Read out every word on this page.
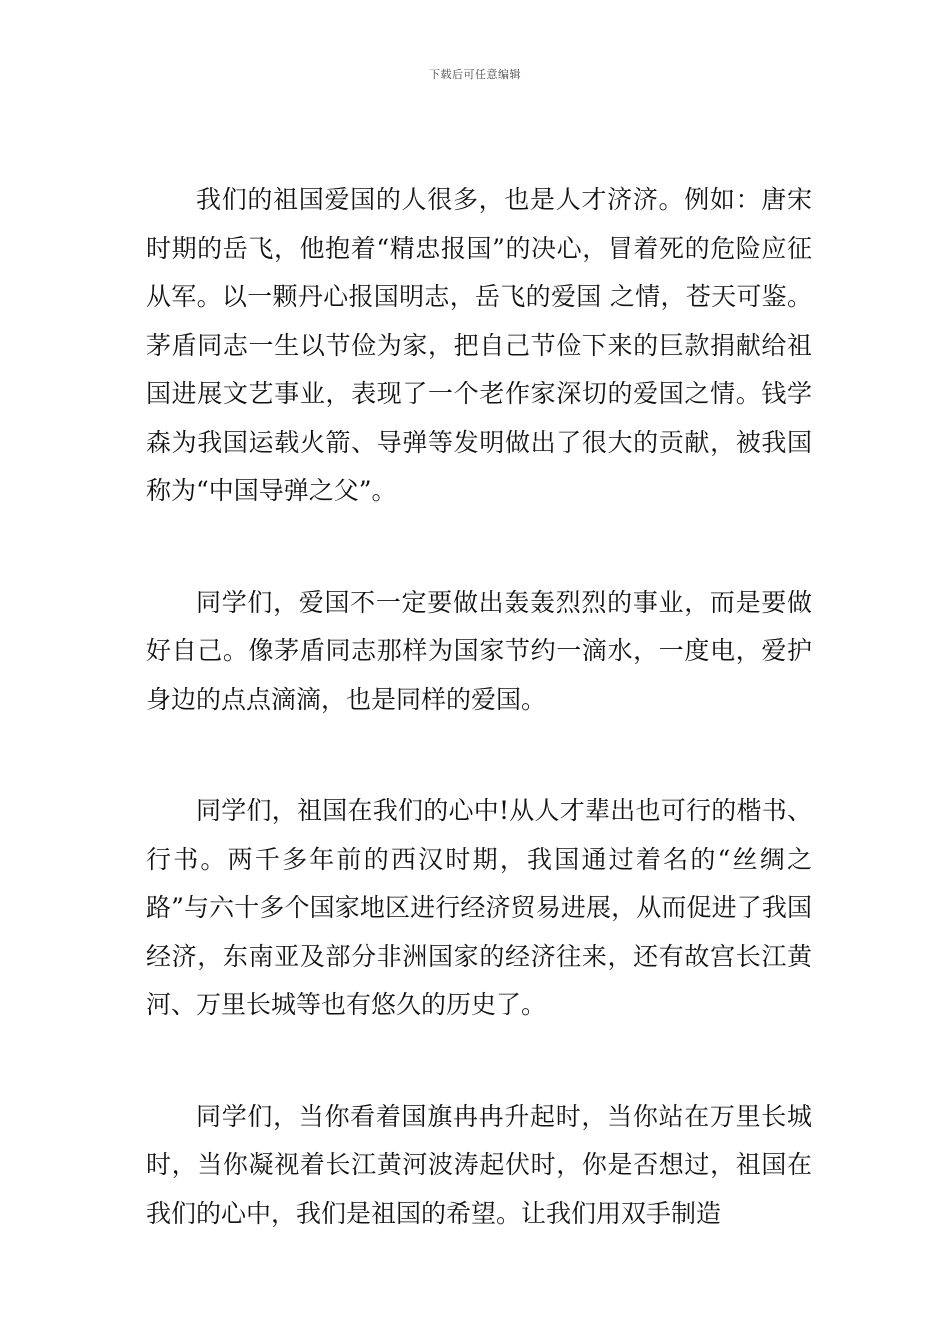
下载后可任意编辑

我们的祖国爱国的人很多，也是人才济济。例如：唐宋时期的岳飞，他抱着“精忠报国”的决心，冒着死的危险应征从军。以一颗丹心报国明志，岳飞的爱国 之情，苍天可鉴。茅盾同志一生以节俭为家，把自己节俭下来的巨款捐献给祖国进展文艺事业，表现了一个老作家深切的爱国之情。钱学森为我国运载火箭、导弹等发明做出了很大的贡献，被我国称为“中国导弹之父”。

同学们，爱国不一定要做出轰轰烈烈的事业，而是要做好自己。像茅盾同志那样为国家节约一滴水，一度电，爱护身边的点点滴滴，也是同样的爱国。

同学们，祖国在我们的心中!从人才辈出也可行的楷书、行书。两千多年前的西汉时期，我国通过着名的“丝绸之路”与六十多个国家地区进行经济贸易进展，从而促进了我国经济，东南亚及部分非洲国家的经济往来，还有故宫长江黄河、万里长城等也有悠久的历史了。

同学们，当你看着国旗冉冉升起时，当你站在万里长城时，当你凝视着长江黄河波涛起伏时，你是否想过，祖国在我们的心中，我们是祖国的希望。让我们用双手制造
